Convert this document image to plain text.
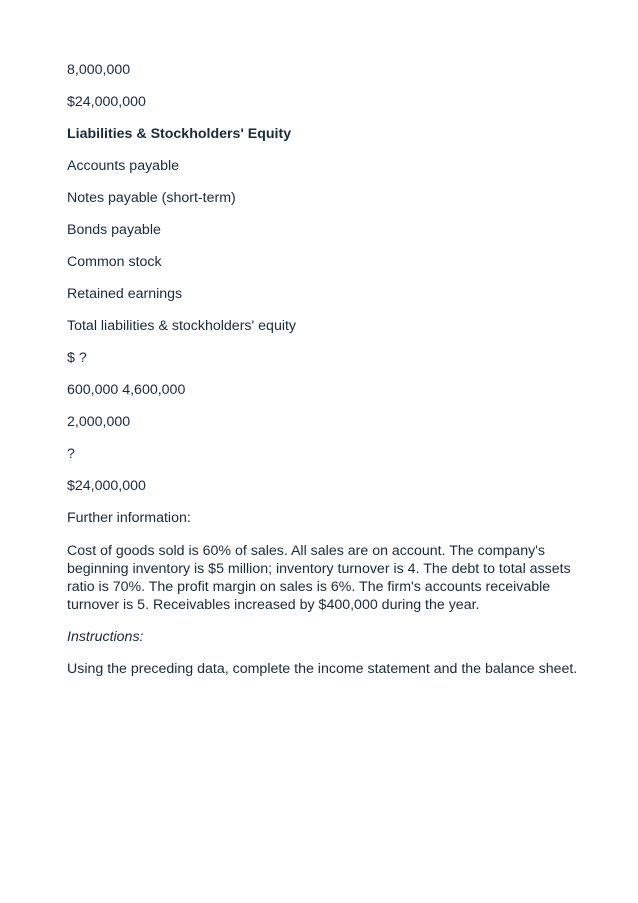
8,000,000
$24,000,000
Liabilities & Stockholders' Equity
Accounts payable
Notes payable (short-term)
Bonds payable
Common stock
Retained earnings
Total liabilities & stockholders' equity
$ ?
600,000 4,600,000
2,000,000
?
$24,000,000
Further information:
Cost of goods sold is 60% of sales. All sales are on account. The company's
beginning inventory is $5 million; inventory turnover is 4. The debt to total assets
ratio is 70%. The profit margin on sales is 6%. The firm's accounts receivable
turnover is 5. Receivables increased by $400,000 during the year.
Instructions:
Using the preceding data, complete the income statement and the balance sheet.
